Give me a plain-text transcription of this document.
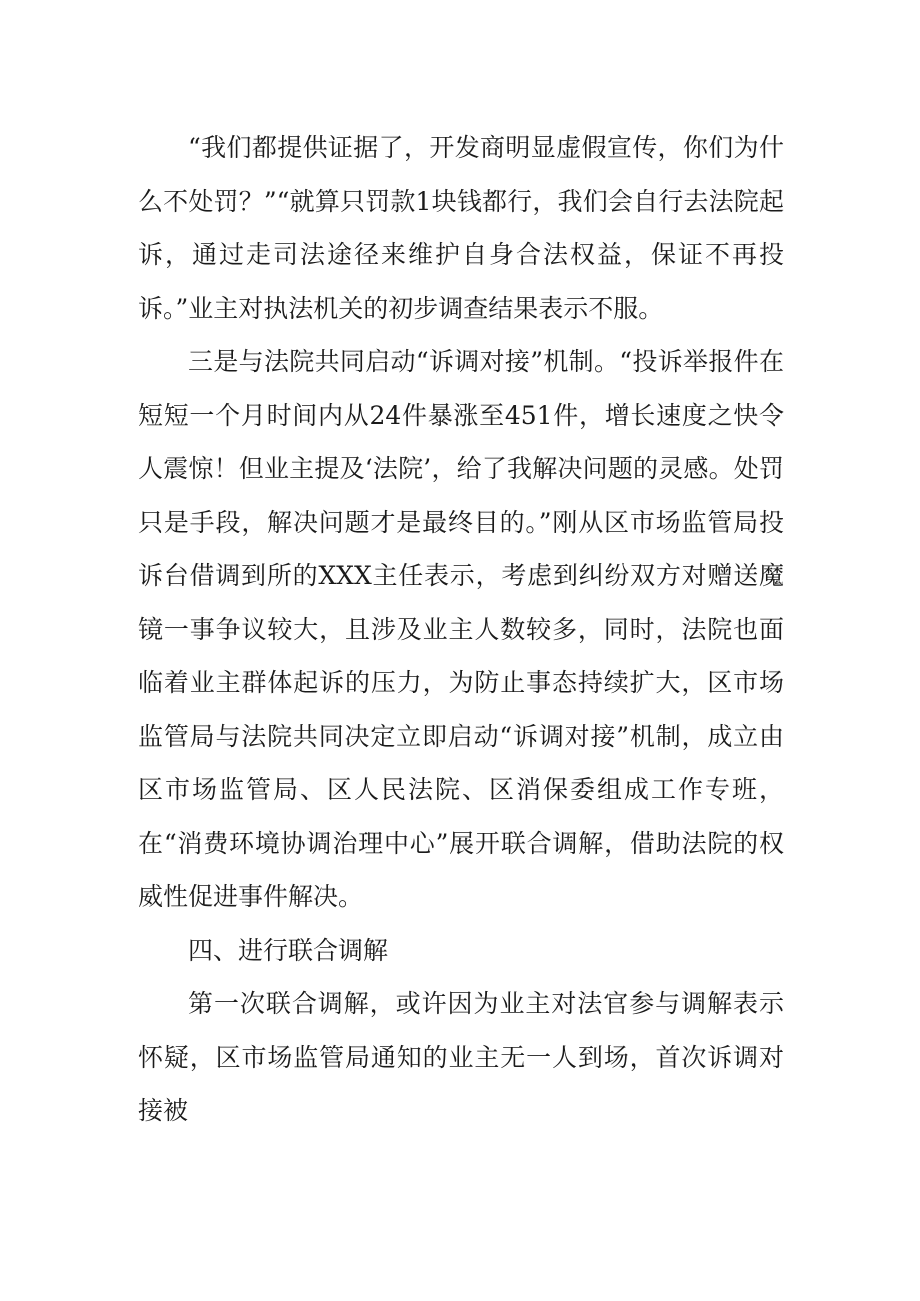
“我们都提供证据了，开发商明显虚假宣传，你们为什么不处罚？”“就算只罚款1块钱都行，我们会自行去法院起诉，通过走司法途径来维护自身合法权益，保证不再投诉。”业主对执法机关的初步调查结果表示不服。

三是与法院共同启动“诉调对接”机制。“投诉举报件在短短一个月时间内从24件暴涨至451件，增长速度之快令人震惊！但业主提及‘法院’，给了我解决问题的灵感。处罚只是手段，解决问题才是最终目的。”刚从区市场监管局投诉台借调到所的XXX主任表示，考虑到纠纷双方对赠送魔镜一事争议较大，且涉及业主人数较多，同时，法院也面临着业主群体起诉的压力，为防止事态持续扩大，区市场监管局与法院共同决定立即启动“诉调对接”机制，成立由区市场监管局、区人民法院、区消保委组成工作专班，在“消费环境协调治理中心”展开联合调解，借助法院的权威性促进事件解决。

四、进行联合调解

第一次联合调解，或许因为业主对法官参与调解表示怀疑，区市场监管局通知的业主无一人到场，首次诉调对接被
